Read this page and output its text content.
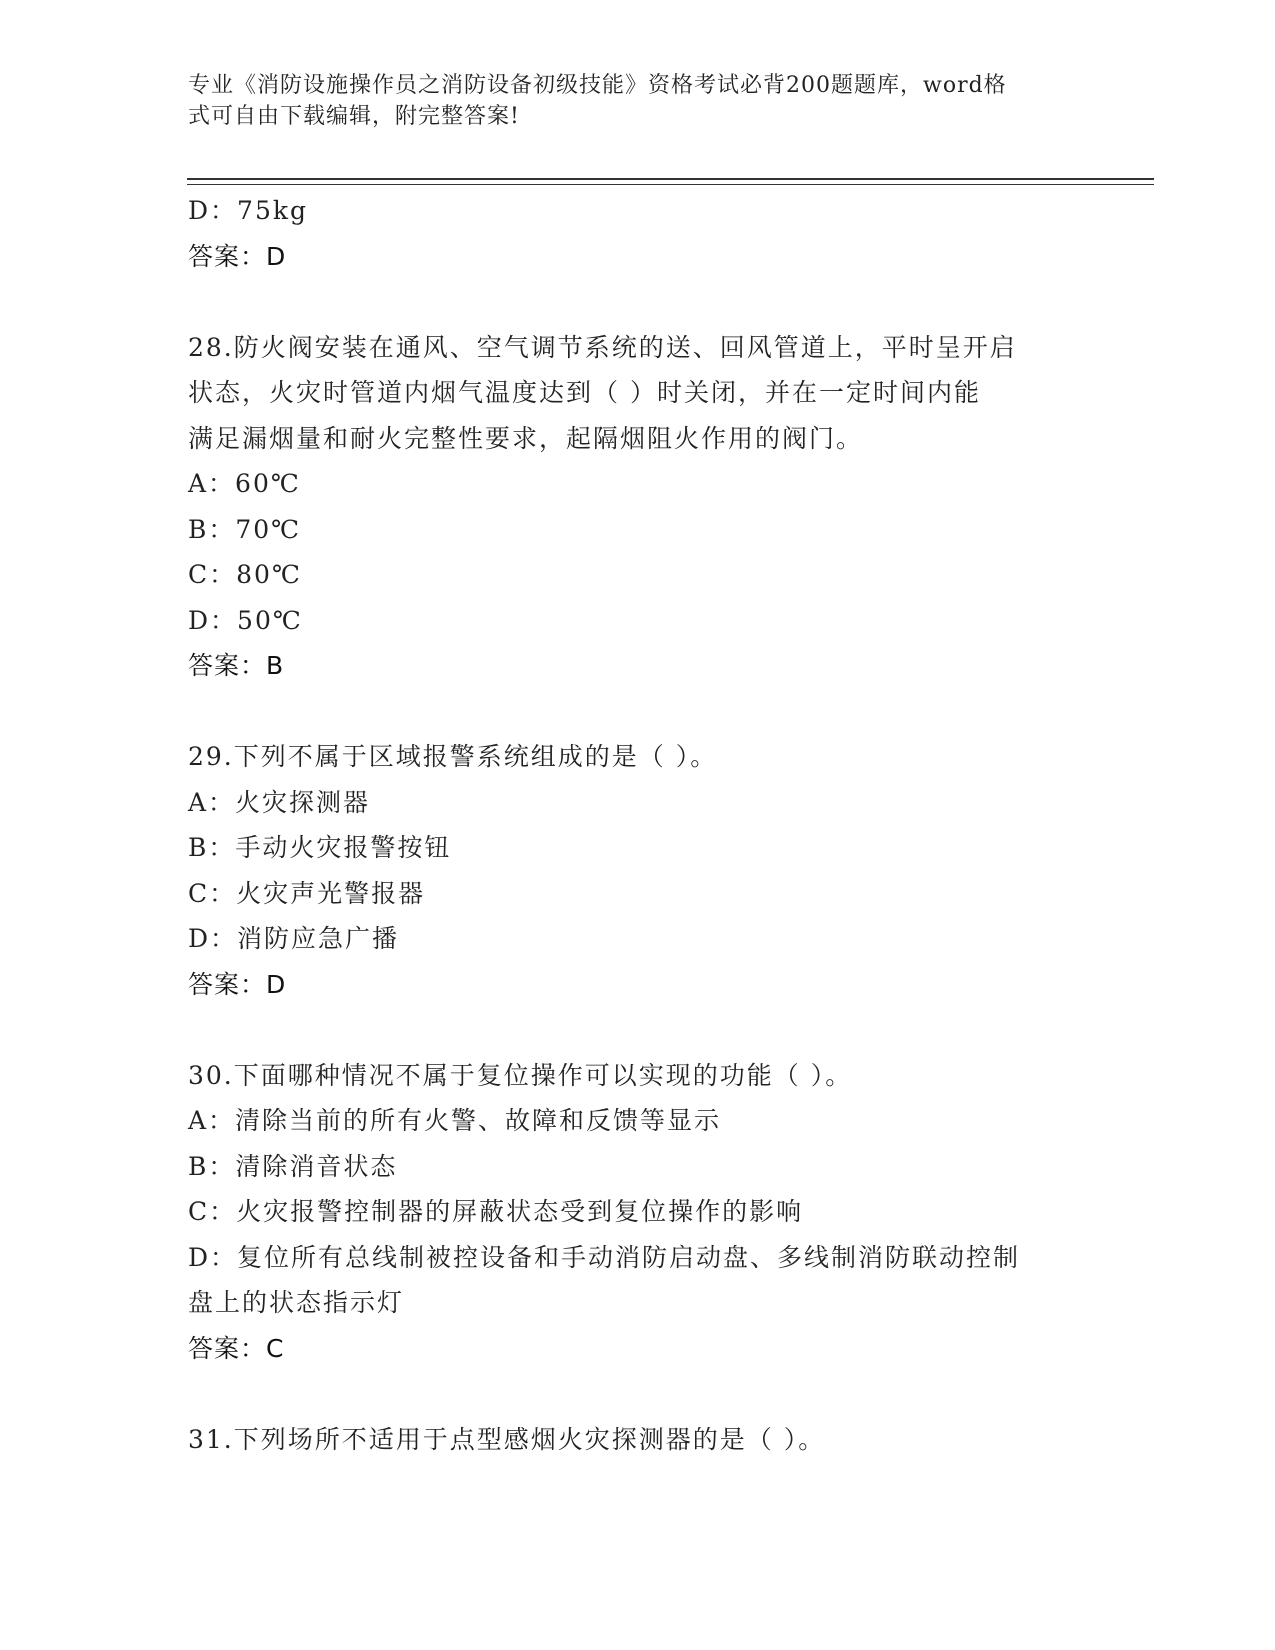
专业《消防设施操作员之消防设备初级技能》资格考试必背200题题库，word格
式可自由下载编辑，附完整答案!
D：75kg
答案：D
28.防火阀安装在通风、空气调节系统的送、回风管道上，平时呈开启
状态，火灾时管道内烟气温度达到（ ）时关闭，并在一定时间内能
满足漏烟量和耐火完整性要求，起隔烟阻火作用的阀门。
A：60℃
B：70℃
C：80℃
D：50℃
答案：B
29.下列不属于区域报警系统组成的是（ ）。
A：火灾探测器
B：手动火灾报警按钮
C：火灾声光警报器
D：消防应急广播
答案：D
30.下面哪种情况不属于复位操作可以实现的功能（ ）。
A：清除当前的所有火警、故障和反馈等显示
B：清除消音状态
C：火灾报警控制器的屏蔽状态受到复位操作的影响
D：复位所有总线制被控设备和手动消防启动盘、多线制消防联动控制
盘上的状态指示灯
答案：C
31.下列场所不适用于点型感烟火灾探测器的是（ ）。
